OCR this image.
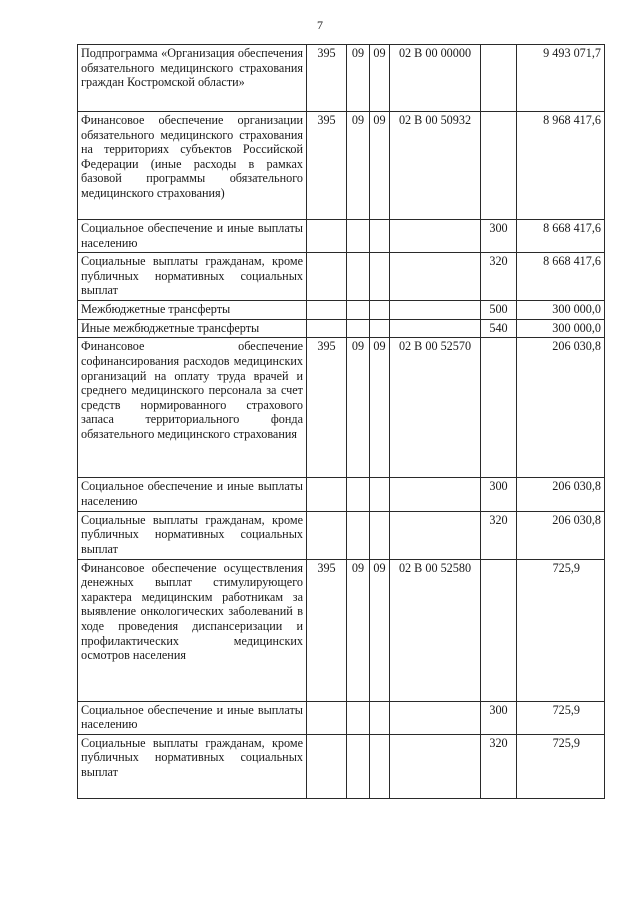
7
Подпрограмма «Организация обеспечения обязательного медицинского страхования граждан Костромской области»	395	09	09	02 В 00 00000		9 493 071,7
Финансовое обеспечение организации обязательного медицинского страхования на территориях субъектов Российской Федерации (иные расходы в рамках базовой программы обязательного медицинского страхования)	395	09	09	02 В 00 50932		8 968 417,6
Социальное обеспечение и иные выплаты населению					300	8 668 417,6
Социальные выплаты гражданам, кроме публичных нормативных социальных выплат					320	8 668 417,6
Межбюджетные трансферты					500	300 000,0
Иные межбюджетные трансферты					540	300 000,0
Финансовое обеспечение софинансирования расходов медицинских организаций на оплату труда врачей и среднего медицинского персонала за счет средств нормированного страхового запаса территориального фонда обязательного медицинского страхования	395	09	09	02 В 00 52570		206 030,8
Социальное обеспечение и иные выплаты населению					300	206 030,8
Социальные выплаты гражданам, кроме публичных нормативных социальных выплат					320	206 030,8
Финансовое обеспечение осуществления денежных выплат стимулирующего характера медицинским работникам за выявление онкологических заболеваний в ходе проведения диспансеризации и профилактических медицинских осмотров населения	395	09	09	02 В 00 52580		725,9
Социальное обеспечение и иные выплаты населению					300	725,9
Социальные выплаты гражданам, кроме публичных нормативных социальных выплат					320	725,9
